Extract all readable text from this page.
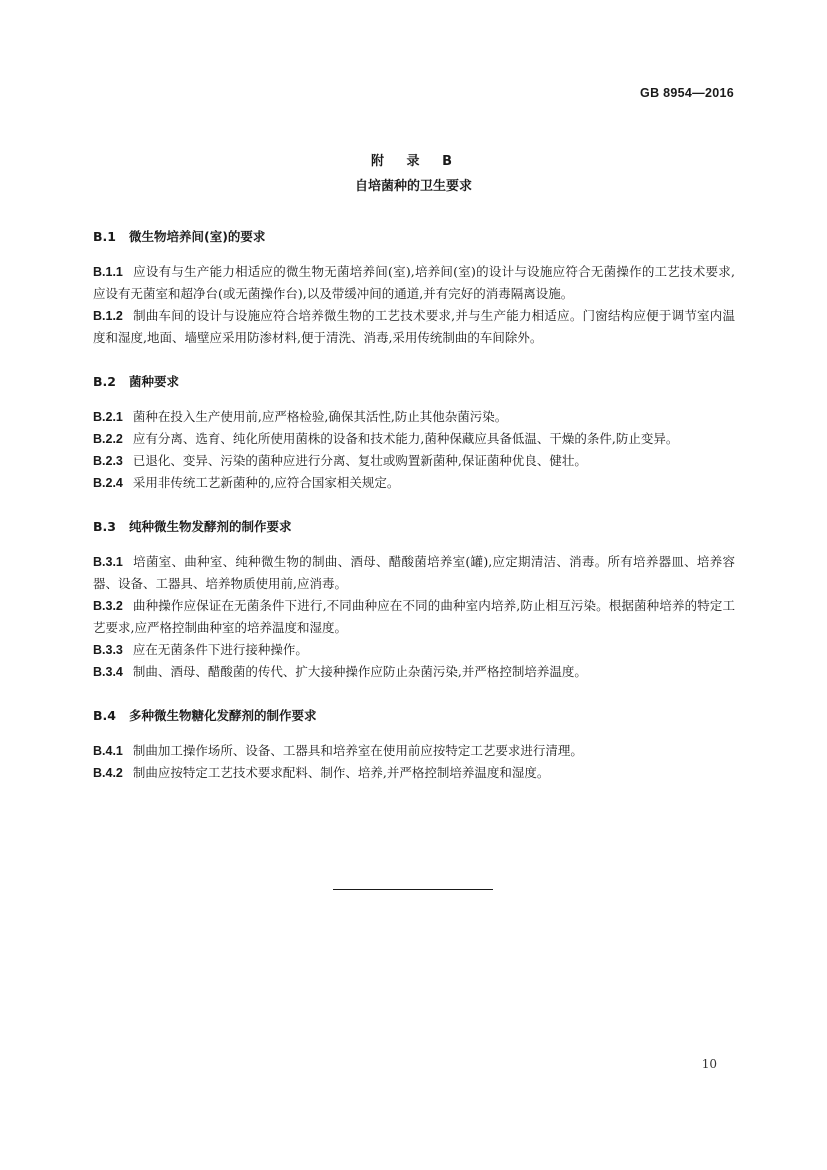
GB 8954—2016
附 录 B
自培菌种的卫生要求
B.1 微生物培养间(室)的要求
B.1.1 应设有与生产能力相适应的微生物无菌培养间(室),培养间(室)的设计与设施应符合无菌操作的工艺技术要求,应设有无菌室和超净台(或无菌操作台),以及带缓冲间的通道,并有完好的消毒隔离设施。
B.1.2 制曲车间的设计与设施应符合培养微生物的工艺技术要求,并与生产能力相适应。门窗结构应便于调节室内温度和湿度,地面、墙壁应采用防渗材料,便于清洗、消毒,采用传统制曲的车间除外。
B.2 菌种要求
B.2.1 菌种在投入生产使用前,应严格检验,确保其活性,防止其他杂菌污染。
B.2.2 应有分离、选育、纯化所使用菌株的设备和技术能力,菌种保藏应具备低温、干燥的条件,防止变异。
B.2.3 已退化、变异、污染的菌种应进行分离、复壮或购置新菌种,保证菌种优良、健壮。
B.2.4 采用非传统工艺新菌种的,应符合国家相关规定。
B.3 纯种微生物发酵剂的制作要求
B.3.1 培菌室、曲种室、纯种微生物的制曲、酒母、醋酸菌培养室(罐),应定期清洁、消毒。所有培养器皿、培养容器、设备、工器具、培养物质使用前,应消毒。
B.3.2 曲种操作应保证在无菌条件下进行,不同曲种应在不同的曲种室内培养,防止相互污染。根据菌种培养的特定工艺要求,应严格控制曲种室的培养温度和湿度。
B.3.3 应在无菌条件下进行接种操作。
B.3.4 制曲、酒母、醋酸菌的传代、扩大接种操作应防止杂菌污染,并严格控制培养温度。
B.4 多种微生物糖化发酵剂的制作要求
B.4.1 制曲加工操作场所、设备、工器具和培养室在使用前应按特定工艺要求进行清理。
B.4.2 制曲应按特定工艺技术要求配料、制作、培养,并严格控制培养温度和湿度。
10
